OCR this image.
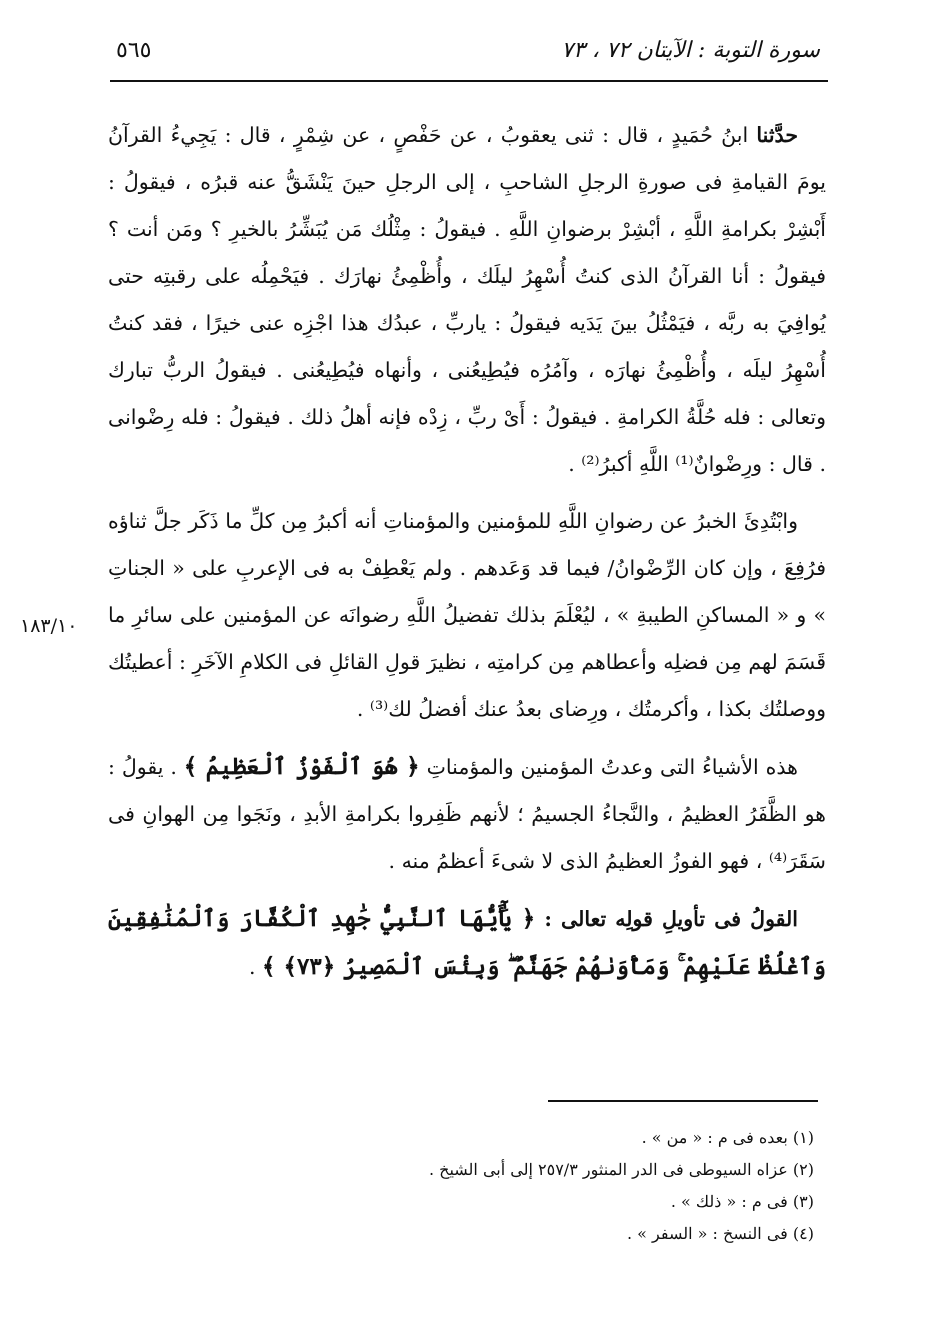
سورة التوبة : الآيتان ٧٢ ، ٧٣
٥٦٥
١٨٣/١٠

حدَّثنا ابنُ حُمَيدٍ ، قال : ثنى يعقوبُ ، عن حَفْصٍ ، عن شِمْرٍ ، قال : يَجِيءُ القرآنُ يومَ القيامةِ فى صورةِ الرجلِ الشاحبِ ، إلى الرجلِ حينَ يَنْشَقُّ عنه قبرُه ، فيقولُ : أَبْشِرْ بكرامةِ اللَّهِ ، أبْشِرْ برضوانِ اللَّهِ . فيقولُ : مِثْلُك مَن يُبَشِّرُ بالخيرِ ؟ ومَن أنت ؟ فيقولُ : أنا القرآنُ الذى كنتُ أُسْهِرُ ليلَك ، وأُظْمِئُ نهارَك . فيَحْمِلُه على رقبتِه حتى يُوافِيَ به ربَّه ، فيَمْثُلُ بينَ يَدَيه فيقولُ : ياربِّ ، عبدُك هذا اجْزِه عنى خيرًا ، فقد كنتُ أُسْهِرُ ليلَه ، وأُظْمِئُ نهارَه ، وآمُرُه فيُطِيعُنى ، وأنهاه فيُطِيعُنى . فيقولُ الربُّ تبارك وتعالى : فله حُلَّةُ الكرامةِ . فيقولُ : أَىْ ربِّ ، زِدْه فإنه أهلُ ذلك . فيقولُ : فله رِضْوانى . قال : ورِضْوانٌ⁽¹⁾ اللَّهِ أكبرُ⁽²⁾ .

وابْتُدِئَ الخبرُ عن رضوانِ اللَّهِ للمؤمنين والمؤمناتِ أنه أكبرُ مِن كلِّ ما ذَكَر جلَّ ثناؤه فرُفِعَ ، وإن كان الرِّضْوانُ/ فيما قد وَعَدهم . ولم يَعْطِفْ به فى الإعربِ على « الجناتِ » و « المساكنِ الطيبةِ » ، ليُعْلَمَ بذلك تفضيلُ اللَّهِ رضوانَه عن المؤمنين على سائرِ ما قَسَمَ لهم مِن فضلِه وأعطاهم مِن كرامتِه ، نظيرَ قولِ القائلِ فى الكلامِ الآخَرِ : أعطيتُك ووصلتُك بكذا ، وأكرمتُك ، ورِضاى بعدُ عنك أفضلُ لك⁽³⁾ .

هذه الأشياءُ التى وعدتُ المؤمنين والمؤمناتِ ﴿ هُوَ ٱلْفَوْزُ ٱلْعَظِيمُ ﴾ . يقولُ : هو الظَّفَرُ العظيمُ ، والنَّجاءُ الجسيمُ ؛ لأنهم ظَفِروا بكرامةِ الأبدِ ، ونَجَوا مِن الهوانِ فى سَقَرَ⁽⁴⁾ ، فهو الفوزُ العظيمُ الذى لا شىءَ أعظمُ منه .

القولُ فى تأويلِ قولِه تعالى : ﴿ يَٰٓأَيُّهَا ٱلنَّبِيُّ جَٰهِدِ ٱلْكُفَّارَ وَٱلْمُنَٰفِقِينَ وَٱغْلُظْ عَلَيْهِمْ ۚ وَمَأْوَىٰهُمْ جَهَنَّمُ ۖ وَبِئْسَ ٱلْمَصِيرُ ﴿٧٣﴾ ﴾ .

(١) بعده فى م : « من » .

(٢) عزاه السيوطى فى الدر المنثور ٢٥٧/٣ إلى أبى الشيخ .

(٣) فى م : « ذلك » .

(٤) فى النسخ : « السفر » .
